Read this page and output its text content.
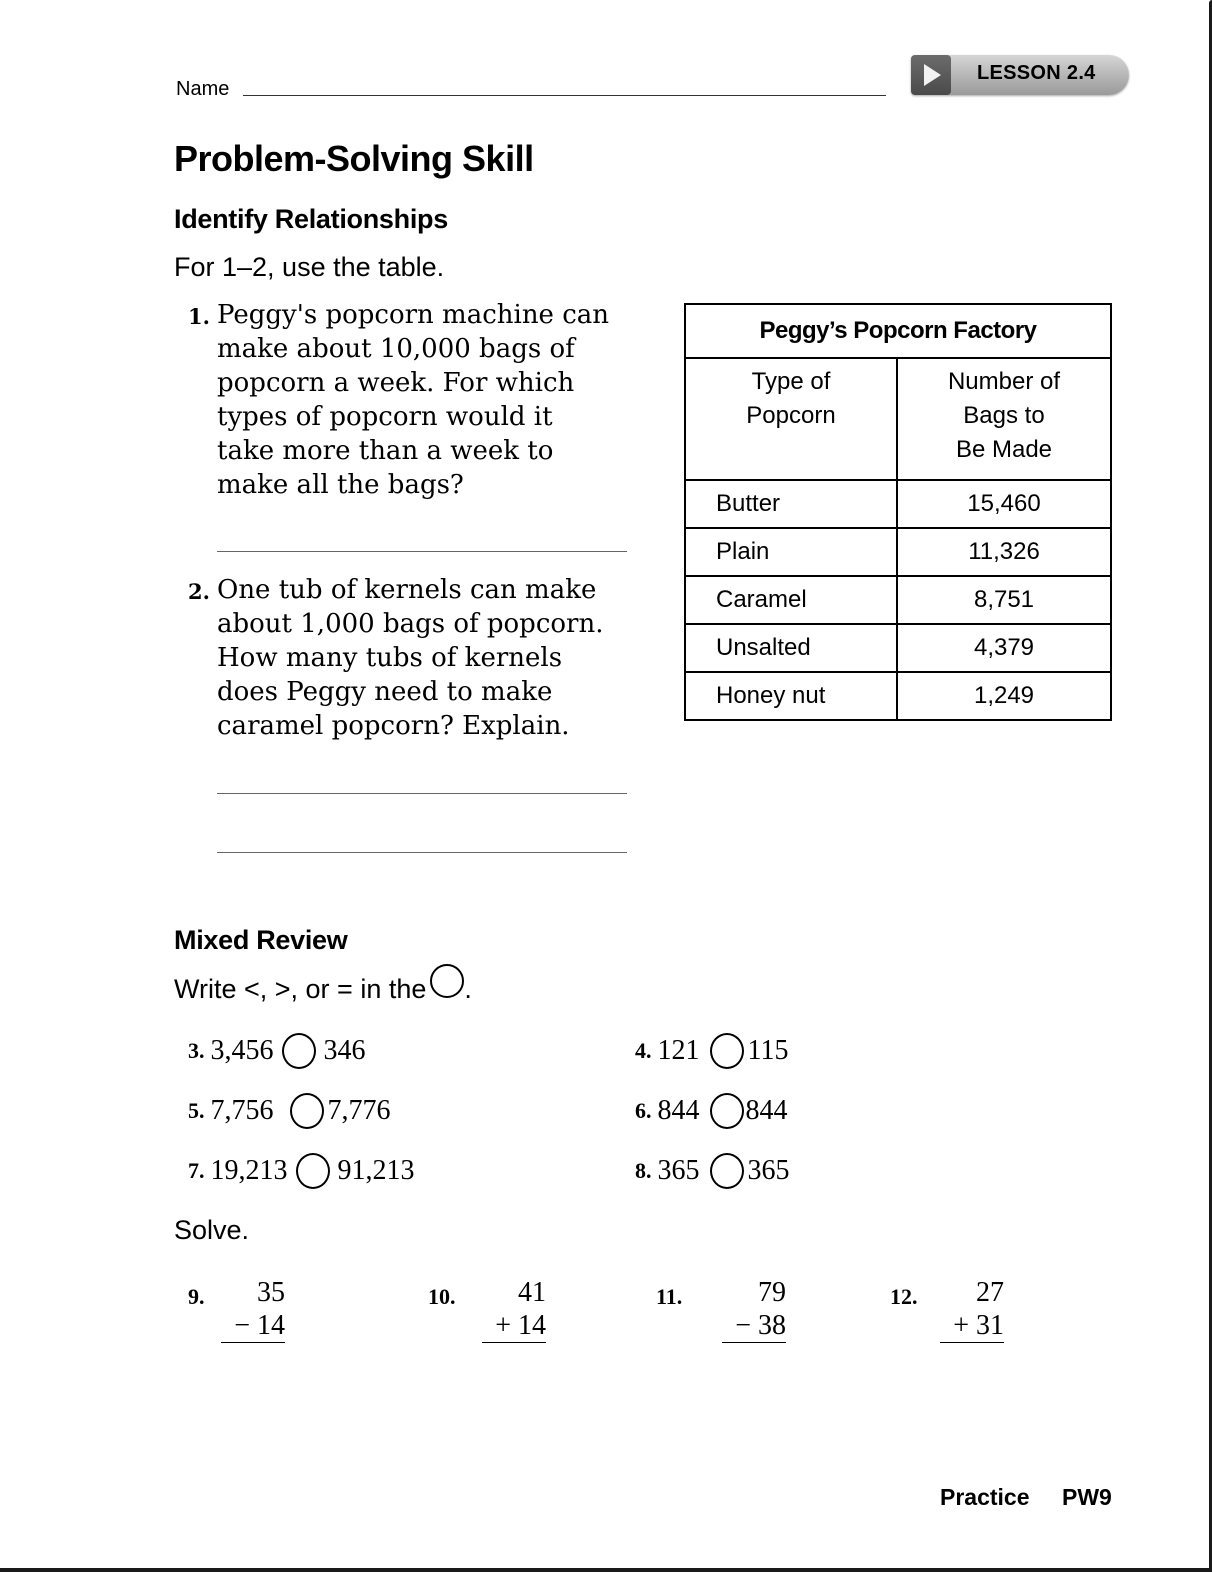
Name
LESSON 2.4
Problem-Solving Skill
Identify Relationships
For 1–2, use the table.
1. Peggy's popcorn machine can
make about 10,000 bags of
popcorn a week. For which
types of popcorn would it
take more than a week to
make all the bags?
2. One tub of kernels can make
about 1,000 bags of popcorn.
How many tubs of kernels
does Peggy need to make
caramel popcorn? Explain.
Peggy’s Popcorn Factory	

Type of
Popcorn

Number of
Bags to
Be Made

Butter	15,460
Plain	11,326
Caramel	8,751
Unsalted	4,379
Honey nut	1,249
Mixed Review
Write <, >, or = in the .
3. 3,456 346	4. 121 115
5. 7,756 7,776	6. 844 844
7. 19,213 91,213	8. 365 365
Solve.
9.	35
− 14
10.	41
+ 14
11.	79
− 38
12.	27
+ 31
Practice PW9
